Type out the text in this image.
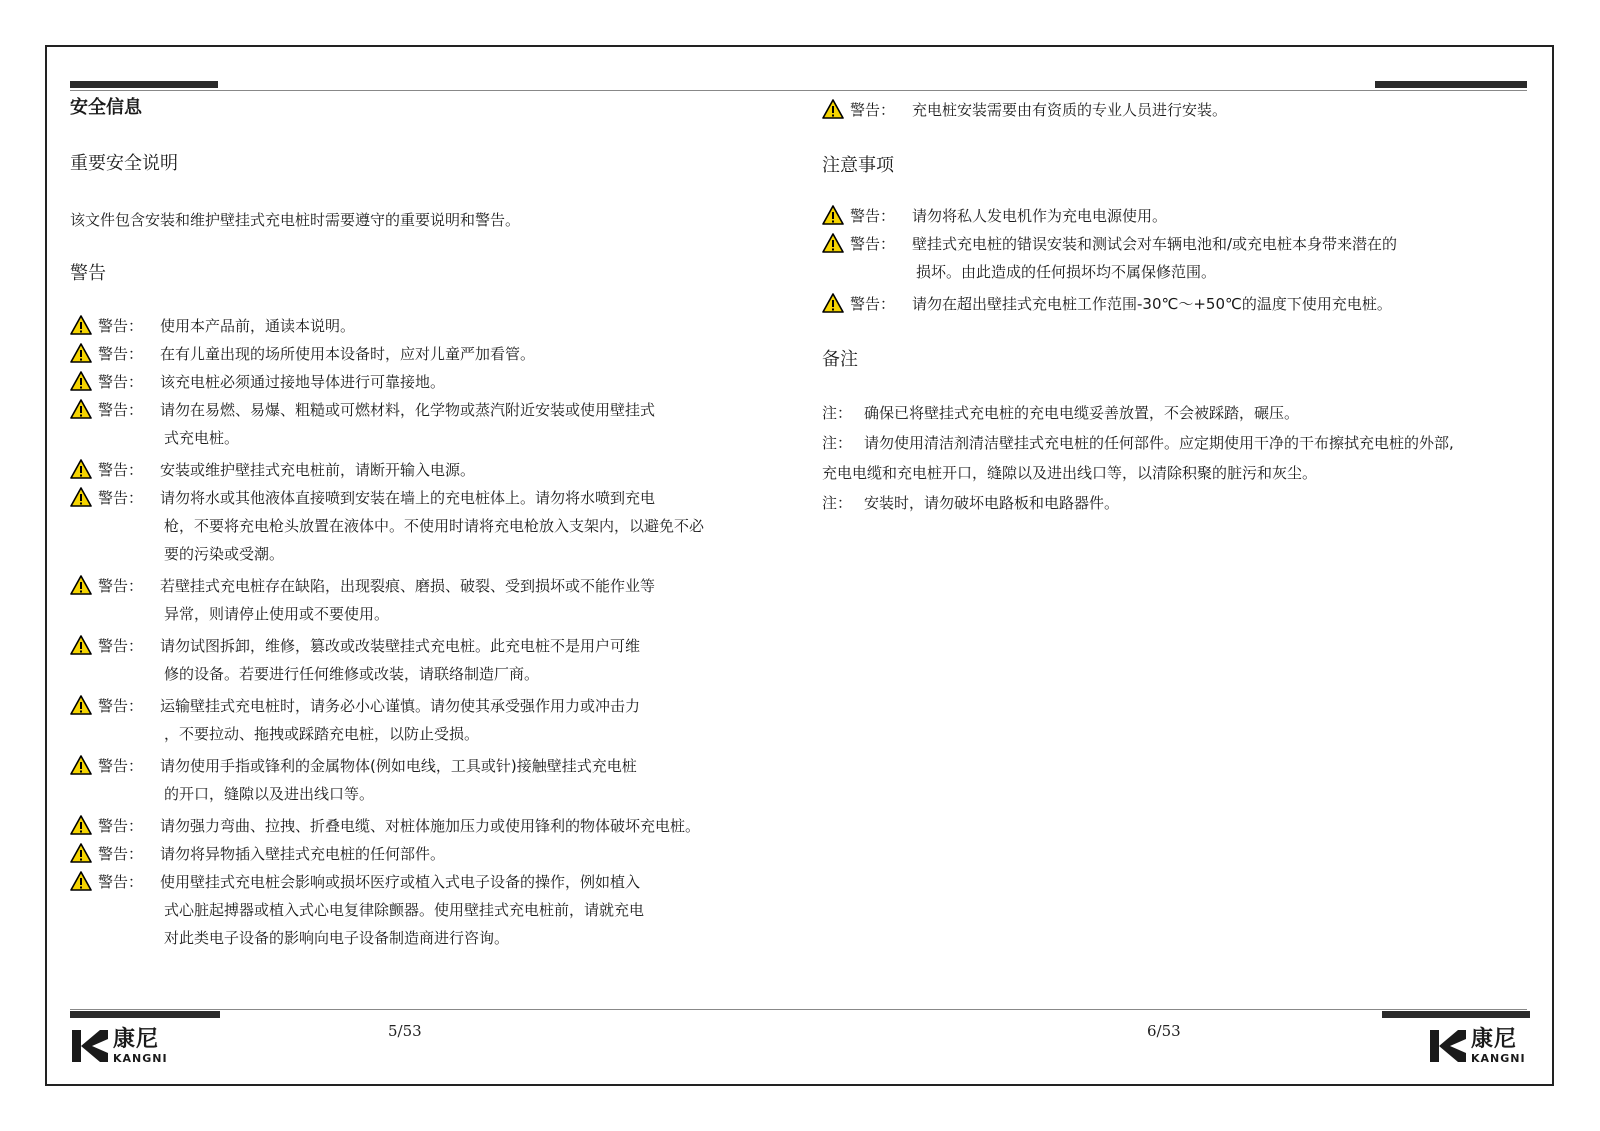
安全信息

重要安全说明

该文件包含安装和维护壁挂式充电桩时需要遵守的重要说明和警告。

警告

警告：	使用本产品前，通读本说明。
警告：	在有儿童出现的场所使用本设备时，应对儿童严加看管。
警告：	该充电桩必须通过接地导体进行可靠接地。
警告：	请勿在易燃、易爆、粗糙或可燃材料，化学物或蒸汽附近安装或使用壁挂式
式充电桩。
警告：	安装或维护壁挂式充电桩前，请断开输入电源。
警告：	请勿将水或其他液体直接喷到安装在墙上的充电桩体上。请勿将水喷到充电
枪，不要将充电枪头放置在液体中。不使用时请将充电枪放入支架内，以避免不必
要的污染或受潮。
警告：	若壁挂式充电桩存在缺陷，出现裂痕、磨损、破裂、受到损坏或不能作业等
异常，则请停止使用或不要使用。
警告：	请勿试图拆卸，维修，篡改或改装壁挂式充电桩。此充电桩不是用户可维
修的设备。若要进行任何维修或改装，请联络制造厂商。
警告：	运输壁挂式充电桩时，请务必小心谨慎。请勿使其承受强作用力或冲击力
，不要拉动、拖拽或踩踏充电桩，以防止受损。
警告：	请勿使用手指或锋利的金属物体(例如电线，工具或针)接触壁挂式充电桩
的开口，缝隙以及进出线口等。
警告：	请勿强力弯曲、拉拽、折叠电缆、对桩体施加压力或使用锋利的物体破坏充电桩。
警告：	请勿将异物插入壁挂式充电桩的任何部件。
警告：	使用壁挂式充电桩会影响或损坏医疗或植入式电子设备的操作，例如植入
式心脏起搏器或植入式心电复律除颤器。使用壁挂式充电桩前，请就充电
对此类电子设备的影响向电子设备制造商进行咨询。
警告：	充电桩安装需要由有资质的专业人员进行安装。

注意事项

警告：	请勿将私人发电机作为充电电源使用。
警告：	壁挂式充电桩的错误安装和测试会对车辆电池和/或充电桩本身带来潜在的
损坏。由此造成的任何损坏均不属保修范围。
警告：	请勿在超出壁挂式充电桩工作范围-30℃～+50℃的温度下使用充电桩。

备注

注： 确保已将壁挂式充电桩的充电电缆妥善放置，不会被踩踏，碾压。

注： 请勿使用清洁剂清洁壁挂式充电桩的任何部件。应定期使用干净的干布擦拭充电桩的外部,
充电电缆和充电桩开口，缝隙以及进出线口等，以清除积聚的脏污和灰尘。

注： 安装时，请勿破坏电路板和电路器件。

5/53	6/53
康尼
KANGNI
康尼
KANGNI
